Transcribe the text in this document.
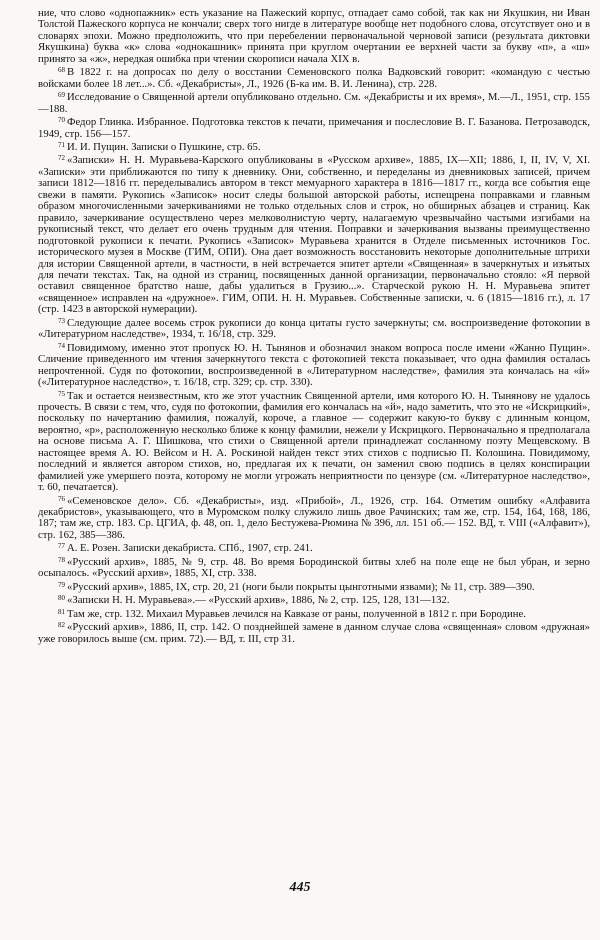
ние, что слово «однопажник» есть указание на Пажеский корпус, отпадает само собой, так как ни Якушкин, ни Иван Толстой Пажеского корпуса не кончали; сверх того нигде в литературе вообще нет подобного слова, отсутствует оно и в словарях эпохи. Можно предположить, что при перебелении первоначальной черновой записи (результата диктовки Якушкина) буква «к» слова «однокашник» принята при круглом очертании ее верхней части за букву «п», а «ш» принято за «ж», нередкая ошибка при чтении скорописи начала XIX в.

$^{68}$ В 1822 г. на допросах по делу о восстании Семеновского полка Вадковский говорит: «командую с честью войсками более 18 лет...». Сб. «Декабристы», Л., 1926 (Б-ка им. В. И. Ленина), стр. 228.

$^{69}$ Исследование о Священной артели опубликовано отдельно. См. «Декабристы и их время», М.—Л., 1951, стр. 155—188.

$^{70}$ Федор Глинка. Избранное. Подготовка текстов к печати, примечания и послесловие В. Г. Базанова. Петрозаводск, 1949, стр. 156—157.

$^{71}$ И. И. Пущин. Записки о Пушкине, стр. 65.

$^{72}$ «Записки» Н. Н. Муравьева-Карского опубликованы в «Русском архиве», 1885, IX—XII; 1886, I, II, IV, V, XI. «Записки» эти приближаются по типу к дневнику. Они, собственно, и переделаны из дневниковых записей, причем записи 1812—1816 гг. переделывались автором в текст мемуарного характера в 1816—1817 гг., когда все события еще свежи в памяти. Рукопись «Записок» носит следы большой авторской работы, испещрена поправками и главным образом многочисленными зачеркиваниями не только отдельных слов и строк, но обширных абзацев и страниц. Как правило, зачеркивание осуществлено через мелковолнистую черту, налагаемую чрезвычайно частыми изгибами на рукописный текст, что делает его очень трудным для чтения. Поправки и зачеркивания вызваны преимущественно подготовкой рукописи к печати. Рукопись «Записок» Муравьева хранится в Отделе письменных источников Гос. исторического музея в Москве (ГИМ, ОПИ). Она дает возможность восстановить некоторые дополнительные штрихи для истории Священной артели, в частности, в ней встречается эпитет артели «Священная» в зачеркнутых и изъятых для печати текстах. Так, на одной из страниц, посвященных данной организации, первоначально стояло: «Я первой оставил священное братство наше, дабы удалиться в Грузию...». Старческой рукою Н. Н. Муравьева эпитет «священное» исправлен на «дружное». ГИМ, ОПИ. Н. Н. Муравьев. Собственные записки, ч. 6 (1815—1816 гг.), л. 17 (стр. 1423 в авторской нумерации).

$^{73}$ Следующие далее восемь строк рукописи до конца цитаты густо зачеркнуты; см. воспроизведение фотокопии в «Литературном наследстве», 1934, т. 16/18, стр. 329.

$^{74}$ Повидимому, именно этот пропуск Ю. Н. Тынянов и обозначил знаком вопроса после имени «Жанно Пущин». Сличение приведенного им чтения зачеркнутого текста с фотокопией текста показывает, что одна фамилия осталась непрочтенной. Судя по фотокопии, воспроизведенной в «Литературном наследстве», фамилия эта кончалась на «й» («Литературное наследство», т. 16/18, стр. 329; ср. стр. 330).

$^{75}$ Так и остается неизвестным, кто же этот участник Священной артели, имя которого Ю. Н. Тынянову не удалось прочесть. В связи с тем, что, судя по фотокопии, фамилия его кончалась на «й», надо заметить, что это не «Искрицкий», поскольку по начертанию фамилия, пожалуй, короче, а главное — содержит какую-то букву с длинным концом, вероятно, «р», расположенную несколько ближе к концу фамилии, нежели у Искрицкого. Первоначально я предполагала на основе письма А. Г. Шишкова, что стихи о Священной артели принадлежат сосланному поэту Мещевскому. В настоящее время А. Ю. Вейсом и Н. А. Роскиной найден текст этих стихов с подписью П. Колошина. Повидимому, последний и является автором стихов, но, предлагая их к печати, он заменил свою подпись в целях конспирации фамилией уже умершего поэта, которому не могли угрожать неприятности по цензуре (см. «Литературное наследство», т. 60, печатается).

$^{76}$ «Семеновское дело». Сб. «Декабристы», изд. «Прибой», Л., 1926, стр. 164. Отметим ошибку «Алфавита декабристов», указывающего, что в Муромском полку служило лишь двое Рачинских; там же, стр. 154, 164, 168, 186, 187; там же, стр. 183. Ср. ЦГИА, ф. 48, оп. 1, дело Бестужева-Рюмина № 396, лл. 151 об.— 152. ВД, т. VIII («Алфавит»), стр. 162, 385—386.

$^{77}$ А. Е. Розен. Записки декабриста. СПб., 1907, стр. 241.

$^{78}$ «Русский архив», 1885, № 9, стр. 48. Во время Бородинской битвы хлеб на поле еще не был убран, и зерно осыпалось. «Русский архив», 1885, XI, стр. 338.

$^{79}$ «Русский архив», 1885, IX, стр. 20, 21 (ноги были покрыты цынготными язвами); № 11, стр. 389—390.

$^{80}$ «Записки Н. Н. Муравьева».— «Русский архив», 1886, № 2, стр. 125, 128, 131—132.

$^{81}$ Там же, стр. 132. Михаил Муравьев лечился на Кавказе от раны, полученной в 1812 г. при Бородине.

$^{82}$ «Русский архив», 1886, II, стр. 142. О позднейшей замене в данном случае слова «священная» словом «дружная» уже говорилось выше (см. прим. 72).— ВД, т. III, стр 31.

445
